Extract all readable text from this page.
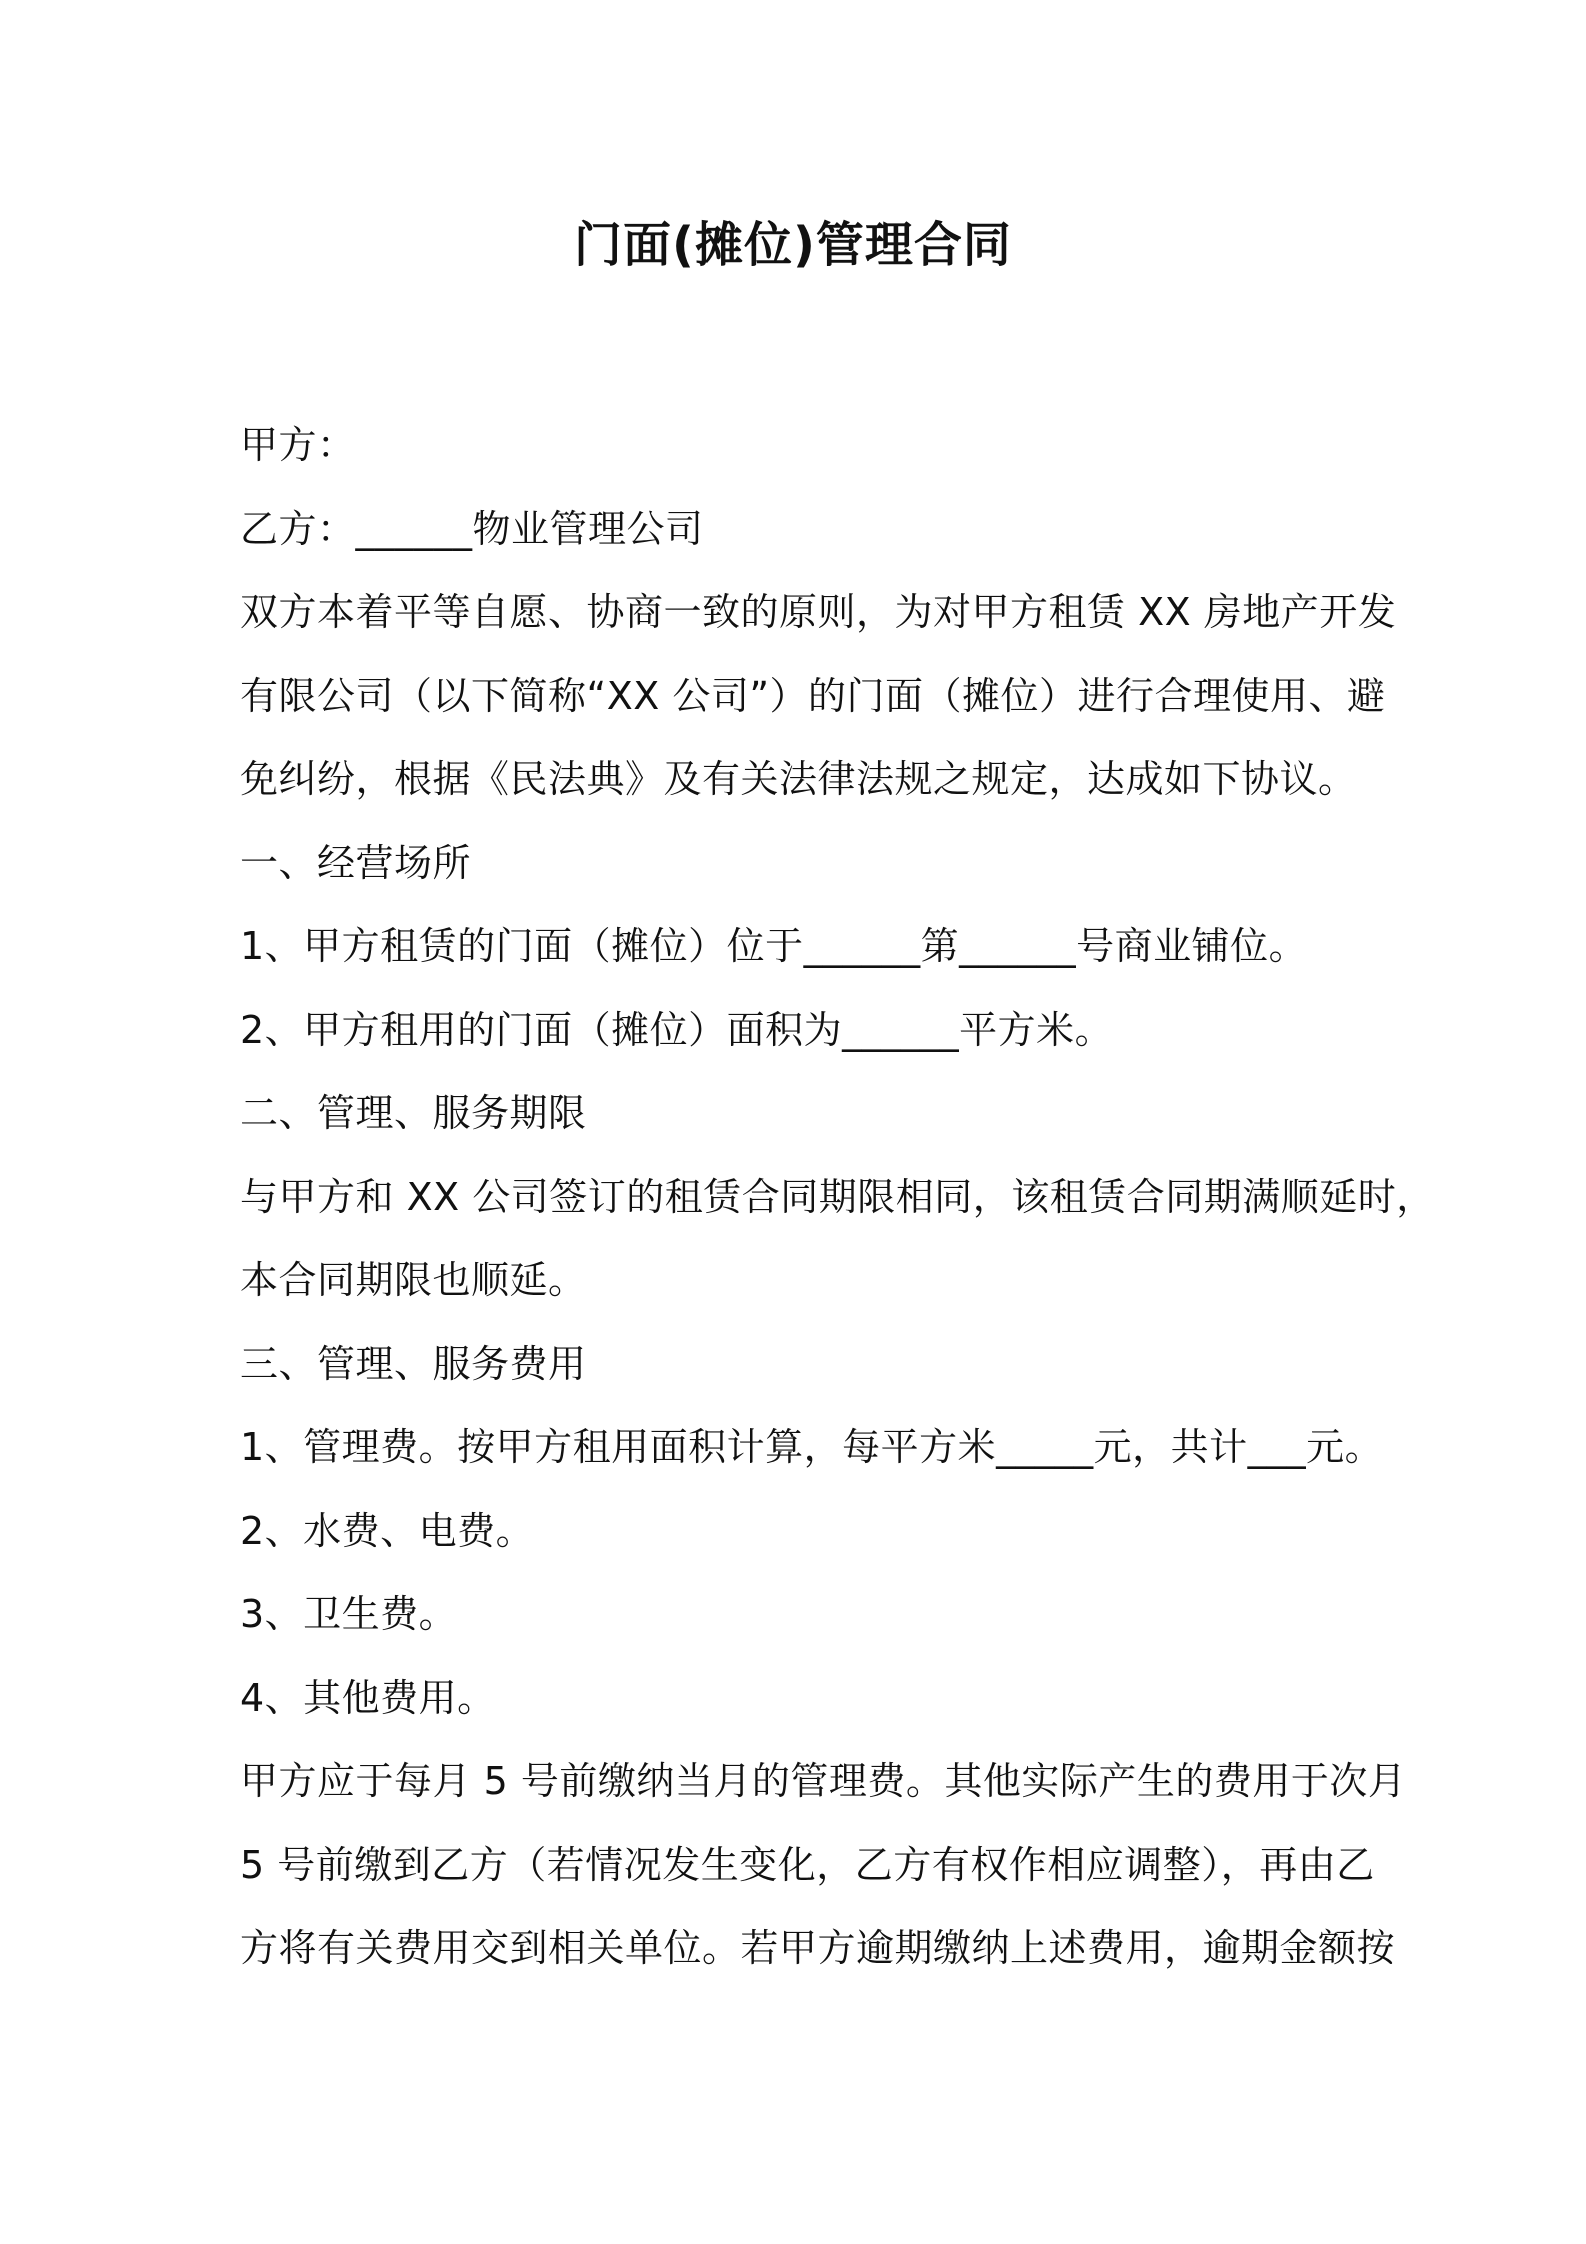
门面(摊位)管理合同
甲方：
乙方：______物业管理公司
双方本着平等自愿、协商一致的原则，为对甲方租赁 XX 房地产开发
有限公司（以下简称“XX 公司”）的门面（摊位）进行合理使用、避
免纠纷，根据《民法典》及有关法律法规之规定，达成如下协议。
一、经营场所
1、甲方租赁的门面（摊位）位于______第______号商业铺位。
2、甲方租用的门面（摊位）面积为______平方米。
二、管理、服务期限
与甲方和 XX 公司签订的租赁合同期限相同，该租赁合同期满顺延时，
本合同期限也顺延。
三、管理、服务费用
1、管理费。按甲方租用面积计算，每平方米_____元，共计___元。
2、水费、电费。
3、卫生费。
4、其他费用。
甲方应于每月 5 号前缴纳当月的管理费。其他实际产生的费用于次月
5 号前缴到乙方（若情况发生变化，乙方有权作相应调整），再由乙
方将有关费用交到相关单位。若甲方逾期缴纳上述费用，逾期金额按
